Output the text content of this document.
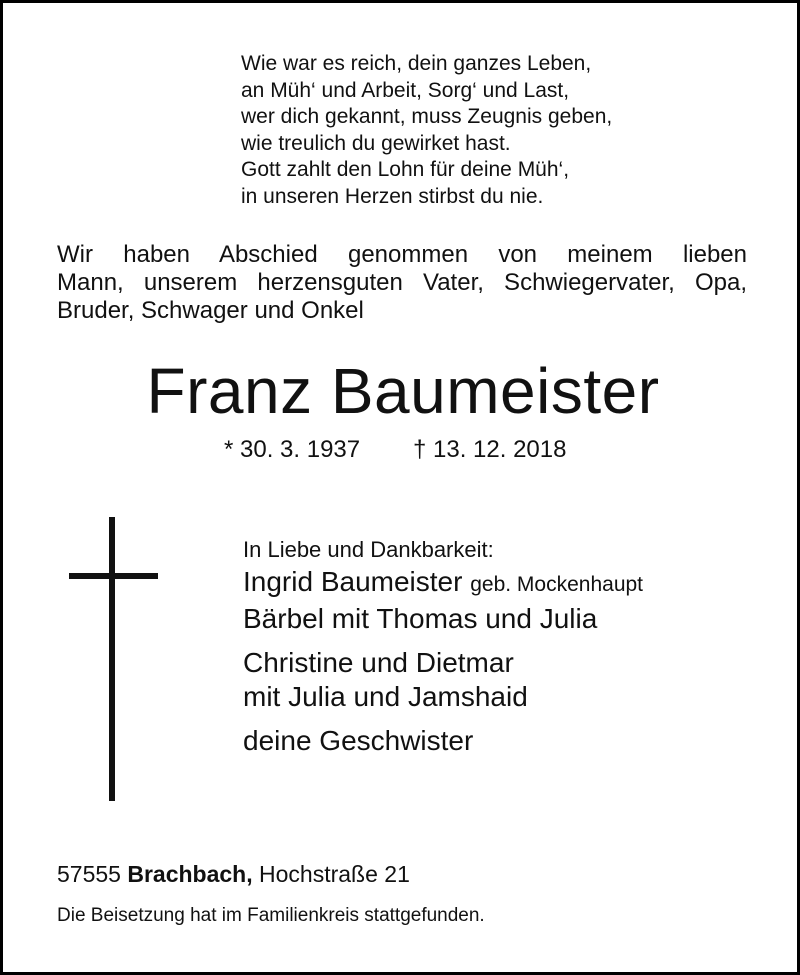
Wie war es reich, dein ganzes Leben,
an Müh‘ und Arbeit, Sorg‘ und Last,
wer dich gekannt, muss Zeugnis geben,
wie treulich du gewirket hast.
Gott zahlt den Lohn für deine Müh‘,
in unseren Herzen stirbst du nie.
Wir haben Abschied genommen von meinem lieben
Mann, unserem herzensguten Vater, Schwiegervater, Opa,
Bruder, Schwager und Onkel
Franz Baumeister
* 30. 3. 1937 † 13. 12. 2018
In Liebe und Dankbarkeit:
Ingrid Baumeister geb. Mockenhaupt
Bärbel mit Thomas und Julia
Christine und Dietmar
mit Julia und Jamshaid
deine Geschwister
57555 Brachbach, Hochstraße 21
Die Beisetzung hat im Familienkreis stattgefunden.
